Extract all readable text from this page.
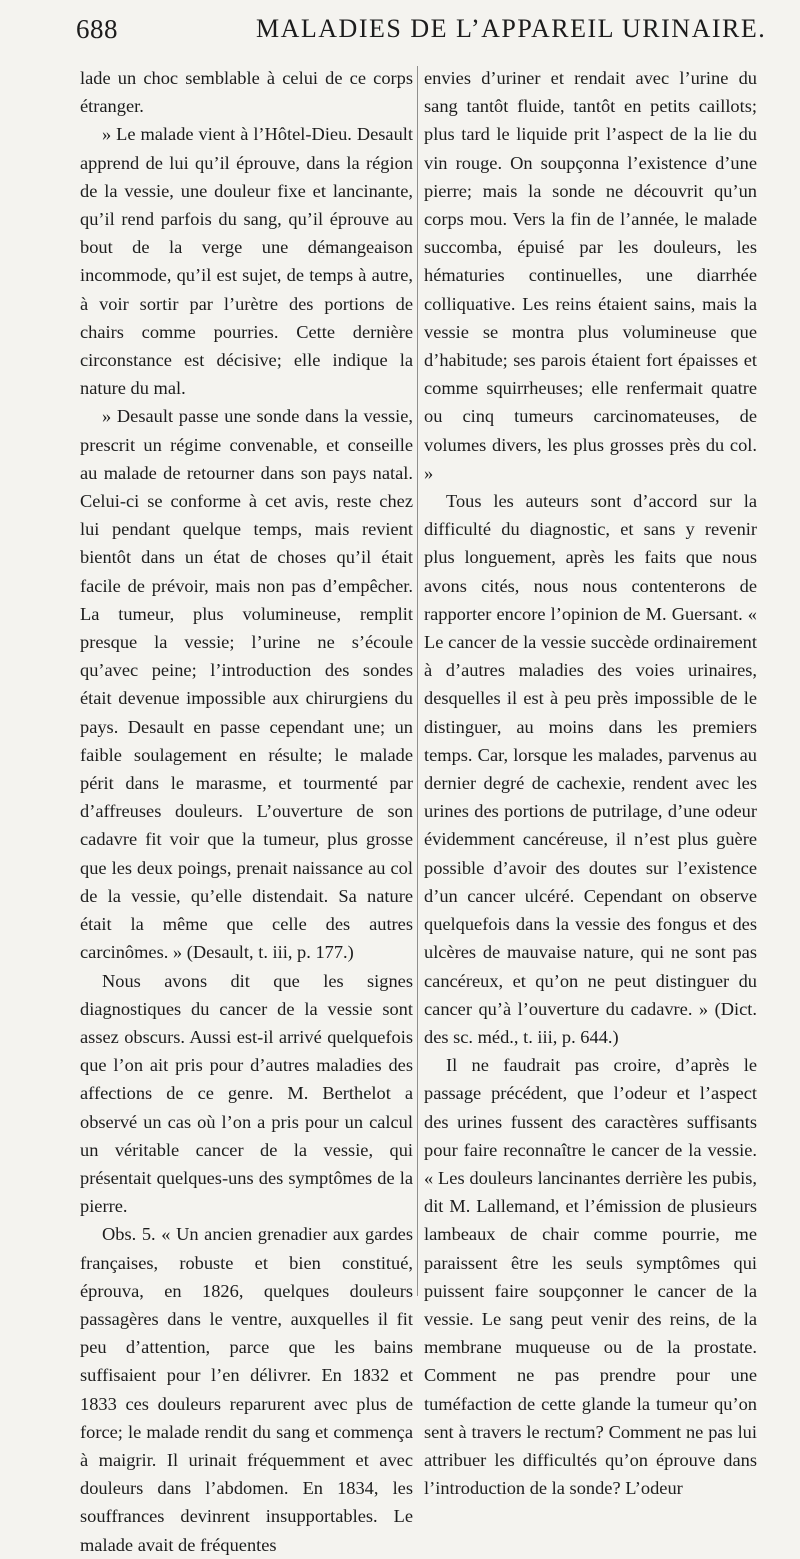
688	MALADIES DE L’APPAREIL URINAIRE.

lade un choc semblable à celui de ce corps étranger.

» Le malade vient à l’Hôtel-Dieu. Desault apprend de lui qu’il éprouve, dans la région de la vessie, une douleur fixe et lancinante, qu’il rend parfois du sang, qu’il éprouve au bout de la verge une démangeaison incommode, qu’il est sujet, de temps à autre, à voir sortir par l’urètre des portions de chairs comme pourries. Cette dernière circonstance est décisive; elle indique la nature du mal.

» Desault passe une sonde dans la vessie, prescrit un régime convenable, et conseille au malade de retourner dans son pays natal. Celui-ci se conforme à cet avis, reste chez lui pendant quelque temps, mais revient bientôt dans un état de choses qu’il était facile de prévoir, mais non pas d’empêcher. La tumeur, plus volumineuse, remplit presque la vessie; l’urine ne s’écoule qu’avec peine; l’introduction des sondes était devenue impossible aux chirurgiens du pays. Desault en passe cependant une; un faible soulagement en résulte; le malade périt dans le marasme, et tourmenté par d’affreuses douleurs. L’ouverture de son cadavre fit voir que la tumeur, plus grosse que les deux poings, prenait naissance au col de la vessie, qu’elle distendait. Sa nature était la même que celle des autres carcinômes. » (Desault, t. iii, p. 177.)

Nous avons dit que les signes diagnostiques du cancer de la vessie sont assez obscurs. Aussi est-il arrivé quelquefois que l’on ait pris pour d’autres maladies des affections de ce genre. M. Berthelot a observé un cas où l’on a pris pour un calcul un véritable cancer de la vessie, qui présentait quelques-uns des symptômes de la pierre.

Obs. 5. « Un ancien grenadier aux gardes françaises, robuste et bien constitué, éprouva, en 1826, quelques douleurs passagères dans le ventre, auxquelles il fit peu d’attention, parce que les bains suffisaient pour l’en délivrer. En 1832 et 1833 ces douleurs reparurent avec plus de force; le malade rendit du sang et commença à maigrir. Il urinait fréquemment et avec douleurs dans l’abdomen. En 1834, les souffrances devinrent insupportables. Le malade avait de fréquentes

envies d’uriner et rendait avec l’urine du sang tantôt fluide, tantôt en petits caillots; plus tard le liquide prit l’aspect de la lie du vin rouge. On soupçonna l’existence d’une pierre; mais la sonde ne découvrit qu’un corps mou. Vers la fin de l’année, le malade succomba, épuisé par les douleurs, les hématuries continuelles, une diarrhée colliquative. Les reins étaient sains, mais la vessie se montra plus volumineuse que d’habitude; ses parois étaient fort épaisses et comme squirrheuses; elle renfermait quatre ou cinq tumeurs carcinomateuses, de volumes divers, les plus grosses près du col. »

Tous les auteurs sont d’accord sur la difficulté du diagnostic, et sans y revenir plus longuement, après les faits que nous avons cités, nous nous contenterons de rapporter encore l’opinion de M. Guersant. « Le cancer de la vessie succède ordinairement à d’autres maladies des voies urinaires, desquelles il est à peu près impossible de le distinguer, au moins dans les premiers temps. Car, lorsque les malades, parvenus au dernier degré de cachexie, rendent avec les urines des portions de putrilage, d’une odeur évidemment cancéreuse, il n’est plus guère possible d’avoir des doutes sur l’existence d’un cancer ulcéré. Cependant on observe quelquefois dans la vessie des fongus et des ulcères de mauvaise nature, qui ne sont pas cancéreux, et qu’on ne peut distinguer du cancer qu’à l’ouverture du cadavre. » (Dict. des sc. méd., t. iii, p. 644.)

Il ne faudrait pas croire, d’après le passage précédent, que l’odeur et l’aspect des urines fussent des caractères suffisants pour faire reconnaître le cancer de la vessie. « Les douleurs lancinantes derrière les pubis, dit M. Lallemand, et l’émission de plusieurs lambeaux de chair comme pourrie, me paraissent être les seuls symptômes qui puissent faire soupçonner le cancer de la vessie. Le sang peut venir des reins, de la membrane muqueuse ou de la prostate. Comment ne pas prendre pour une tuméfaction de cette glande la tumeur qu’on sent à travers le rectum? Comment ne pas lui attribuer les difficultés qu’on éprouve dans l’introduction de la sonde? L’odeur
